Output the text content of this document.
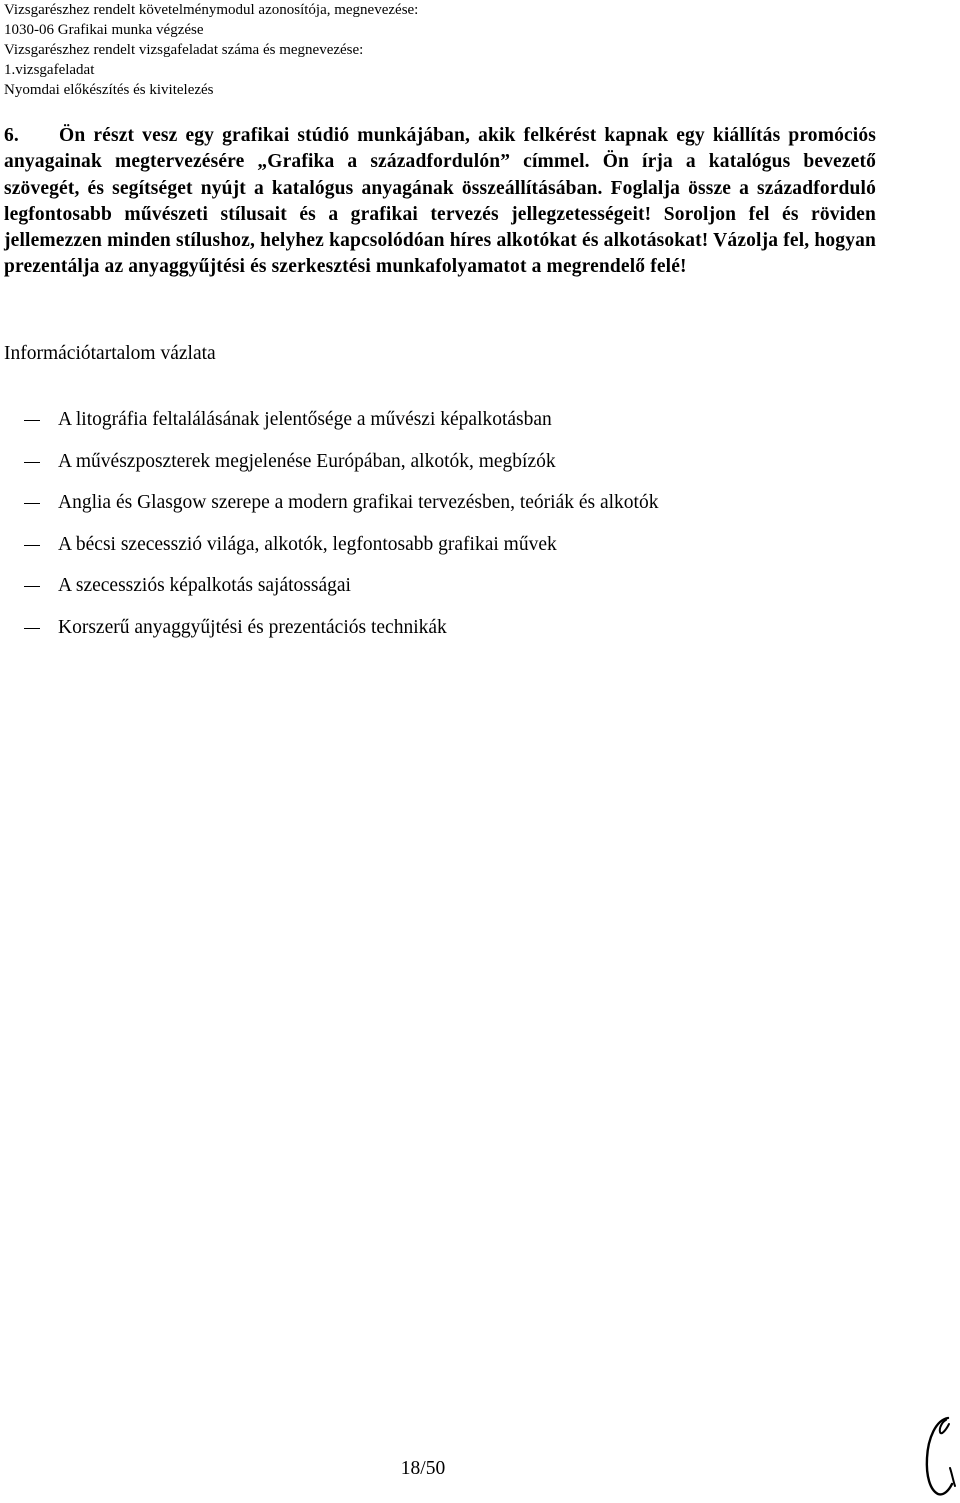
Vizsgarészhez rendelt követelménymodul azonosítója, megnevezése:
1030-06 Grafikai munka végzése
Vizsgarészhez rendelt vizsgafeladat száma és megnevezése:
1.vizsgafeladat
Nyomdai előkészítés és kivitelezés
6. Ön részt vesz egy grafikai stúdió munkájában, akik felkérést kapnak egy kiállítás promóciós anyagainak megtervezésére „Grafika a századfordulón” címmel. Ön írja a katalógus bevezető szövegét, és segítséget nyújt a katalógus anyagának összeállításában. Foglalja össze a századforduló legfontosabb művészeti stílusait és a grafikai tervezés jellegzetességeit! Soroljon fel és röviden jellemezzen minden stílushoz, helyhez kapcsolódóan híres alkotókat és alkotásokat! Vázolja fel, hogyan prezentálja az anyaggyűjtési és szerkesztési munkafolyamatot a megrendelő felé!
Információtartalom vázlata
A litográfia feltalálásának jelentősége a művészi képalkotásban
A művészposzterek megjelenése Európában, alkotók, megbízók
Anglia és Glasgow szerepe a modern grafikai tervezésben, teóriák és alkotók
A bécsi szecesszió világa, alkotók, legfontosabb grafikai művek
A szecessziós képalkotás sajátosságai
Korszerű anyaggyűjtési és prezentációs technikák
18/50
